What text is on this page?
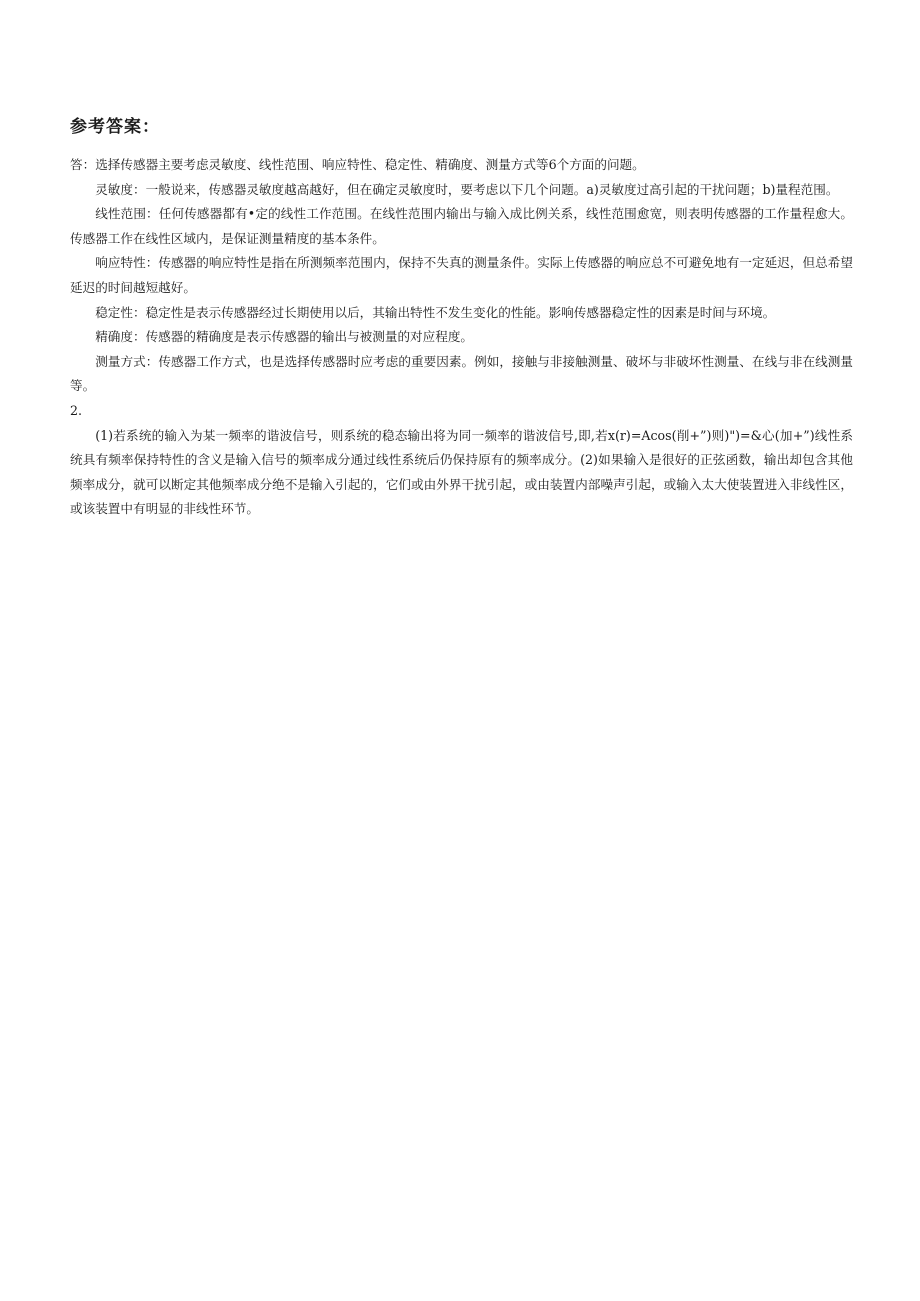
参考答案：

答：选择传感器主要考虑灵敏度、线性范围、响应特性、稳定性、精确度、测量方式等6个方面的问题。

灵敏度：一般说来，传感器灵敏度越高越好，但在确定灵敏度时，要考虑以下几个问题。a)灵敏度过高引起的干扰问题；b)量程范围。

线性范围：任何传感器都有•定的线性工作范围。在线性范围内输出与输入成比例关系，线性范围愈宽，则表明传感器的工作量程愈大。传感器工作在线性区域内，是保证测量精度的基本条件。

响应特性：传感器的响应特性是指在所测频率范围内，保持不失真的测量条件。实际上传感器的响应总不可避免地有一定延迟，但总希望延迟的时间越短越好。

稳定性：稳定性是表示传感器经过长期使用以后，其输出特性不发生变化的性能。影响传感器稳定性的因素是时间与环境。

精确度：传感器的精确度是表示传感器的输出与被测量的对应程度。

测量方式：传感器工作方式，也是选择传感器时应考虑的重要因素。例如，接触与非接触测量、破坏与非破坏性测量、在线与非在线测量等。

2.

(1)若系统的输入为某一频率的谐波信号，则系统的稳态输出将为同一频率的谐波信号,即,若x(r)=Acos(削+”)则)")=&心(加+”)线性系统具有频率保持特性的含义是输入信号的频率成分通过线性系统后仍保持原有的频率成分。(2)如果输入是很好的正弦函数，输出却包含其他频率成分，就可以断定其他频率成分绝不是输入引起的，它们或由外界干扰引起，或由装置内部噪声引起，或输入太大使装置进入非线性区，或该装置中有明显的非线性环节。
